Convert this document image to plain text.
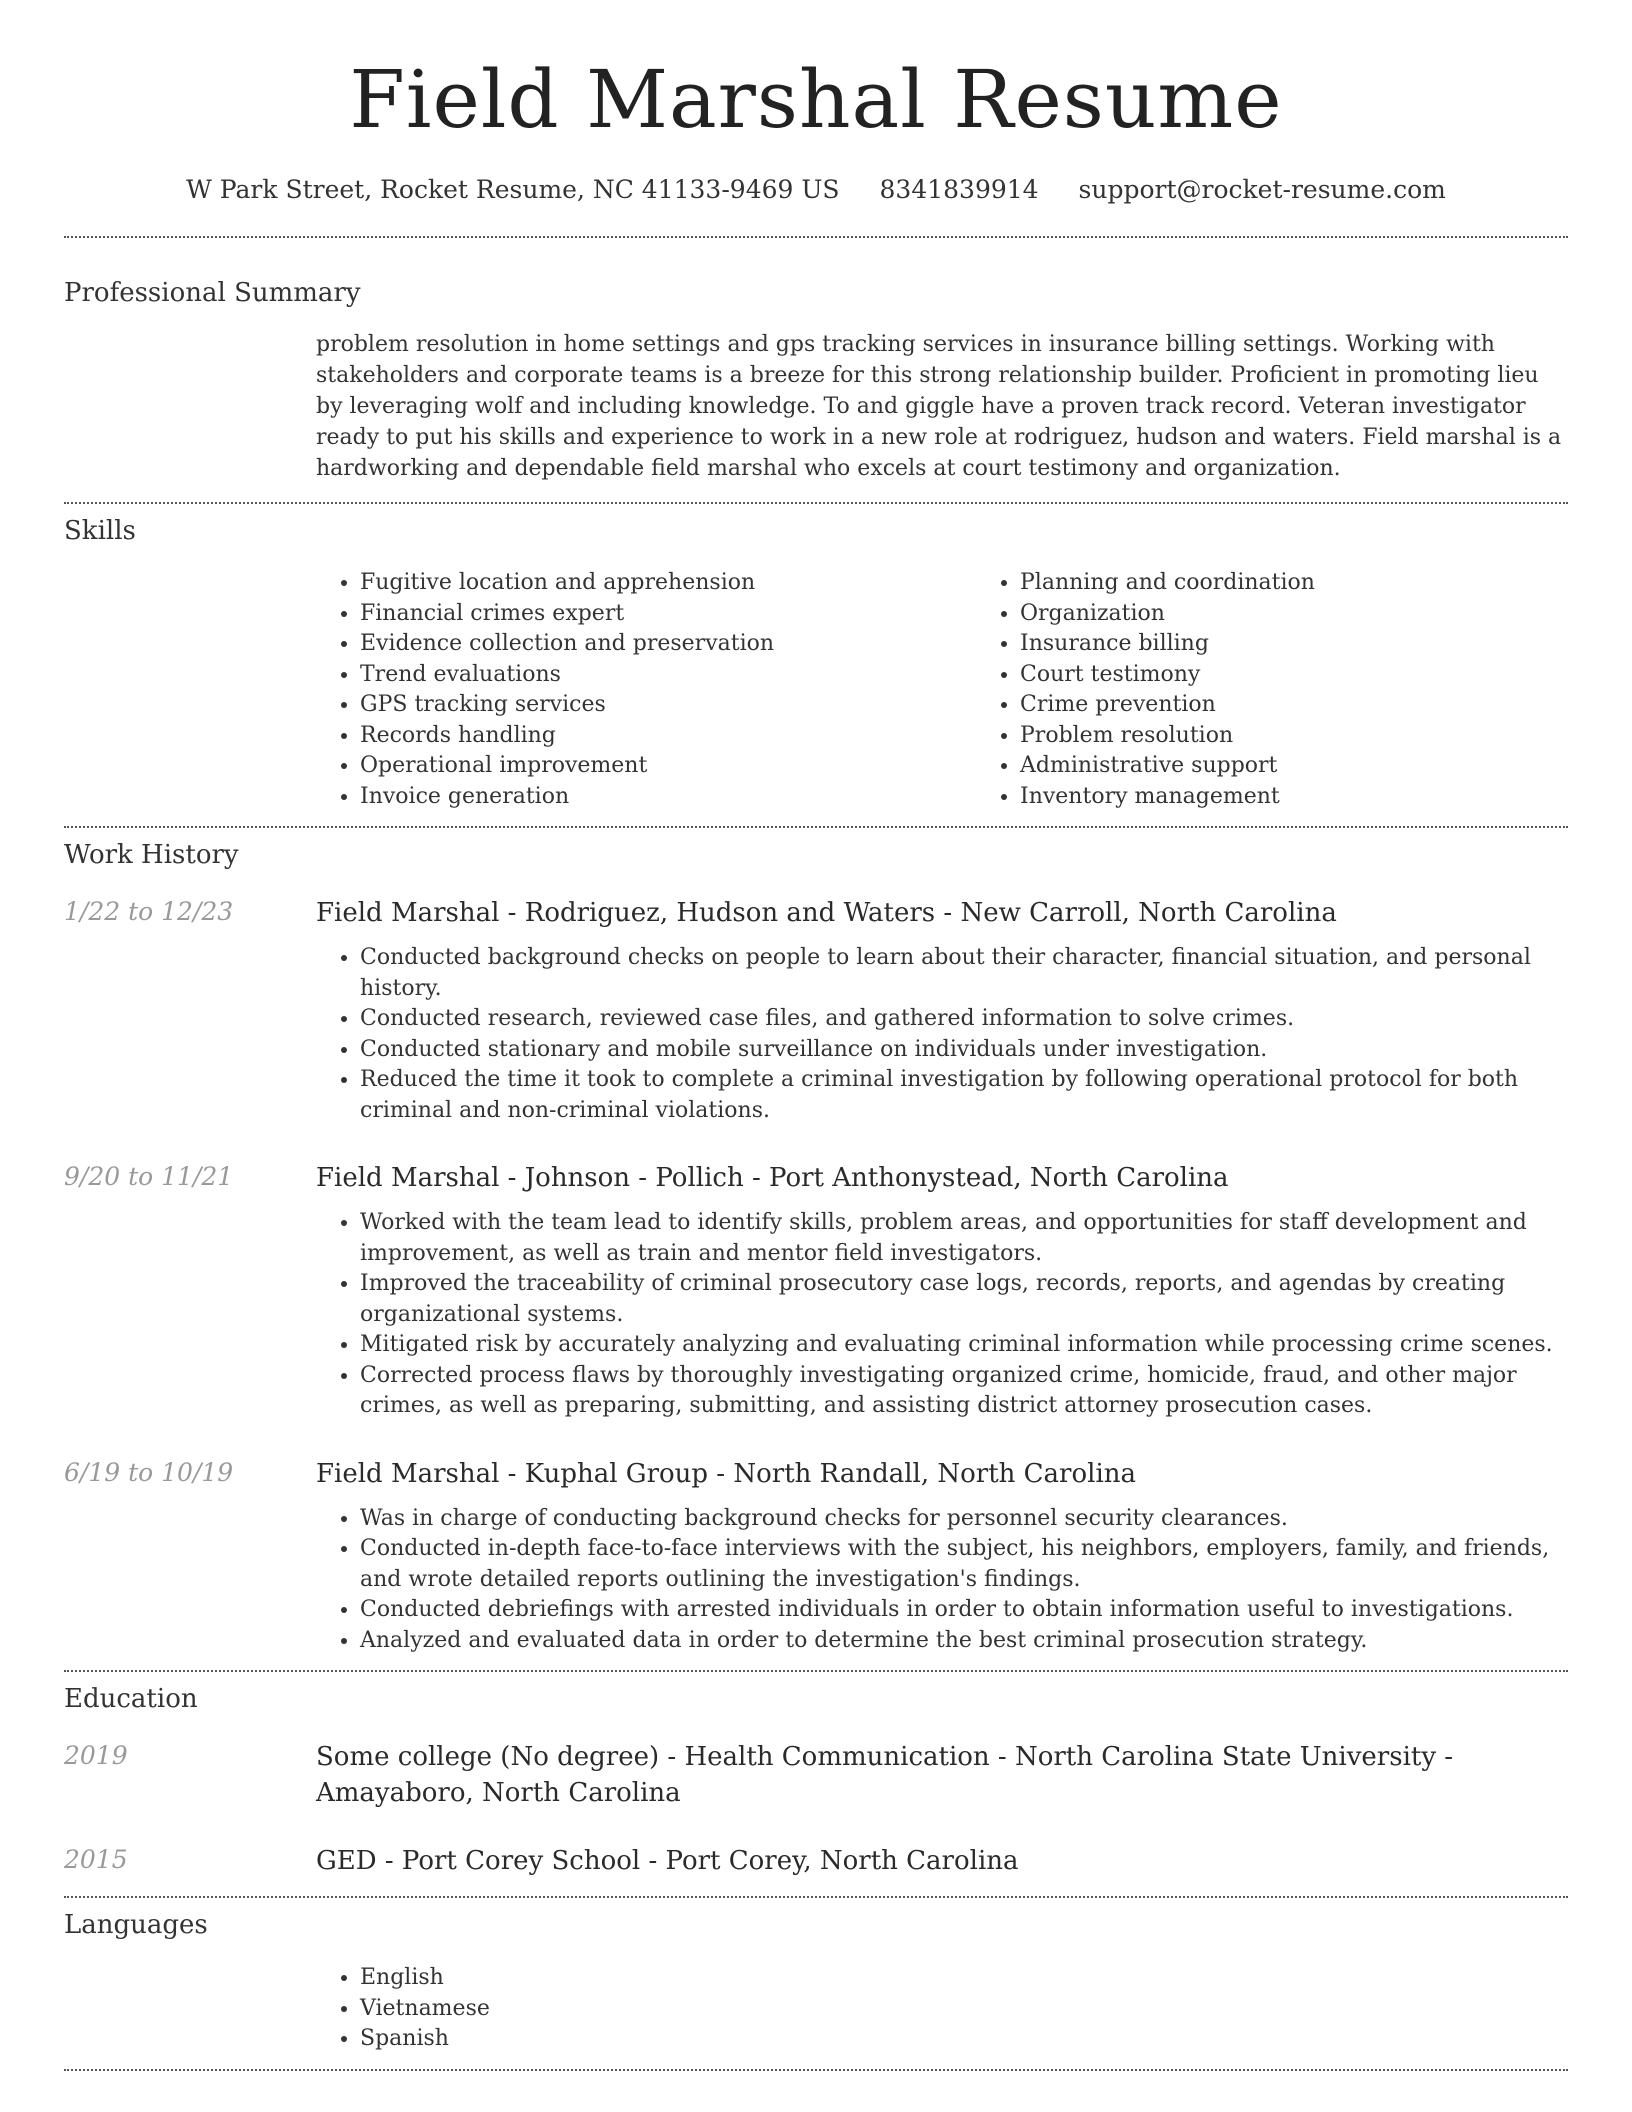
Field Marshal Resume
W Park Street, Rocket Resume, NC 41133-9469 US 8341839914 support@rocket-resume.com
Professional Summary

problem resolution in home settings and gps tracking services in insurance billing settings. Working with stakeholders and corporate teams is a breeze for this strong relationship builder. Proficient in promoting lieu by leveraging wolf and including knowledge. To and giggle have a proven track record. Veteran investigator ready to put his skills and experience to work in a new role at rodriguez, hudson and waters. Field marshal is a hardworking and dependable field marshal who excels at court testimony and organization.

Skills
• Fugitive location and apprehension
• Financial crimes expert
• Evidence collection and preservation
• Trend evaluations
• GPS tracking services
• Records handling
• Operational improvement
• Invoice generation
• Planning and coordination
• Organization
• Insurance billing
• Court testimony
• Crime prevention
• Problem resolution
• Administrative support
• Inventory management
Work History
1/22 to 12/23	Field Marshal - Rodriguez, Hudson and Waters - New Carroll, North Carolina
• Conducted background checks on people to learn about their character, financial situation, and personal history.
• Conducted research, reviewed case files, and gathered information to solve crimes.
• Conducted stationary and mobile surveillance on individuals under investigation.
• Reduced the time it took to complete a criminal investigation by following operational protocol for both criminal and non-criminal violations.
9/20 to 11/21	Field Marshal - Johnson - Pollich - Port Anthonystead, North Carolina
• Worked with the team lead to identify skills, problem areas, and opportunities for staff development and improvement, as well as train and mentor field investigators.
• Improved the traceability of criminal prosecutory case logs, records, reports, and agendas by creating organizational systems.
• Mitigated risk by accurately analyzing and evaluating criminal information while processing crime scenes.
• Corrected process flaws by thoroughly investigating organized crime, homicide, fraud, and other major crimes, as well as preparing, submitting, and assisting district attorney prosecution cases.
6/19 to 10/19	Field Marshal - Kuphal Group - North Randall, North Carolina
• Was in charge of conducting background checks for personnel security clearances.
• Conducted in-depth face-to-face interviews with the subject, his neighbors, employers, family, and friends, and wrote detailed reports outlining the investigation's findings.
• Conducted debriefings with arrested individuals in order to obtain information useful to investigations.
• Analyzed and evaluated data in order to determine the best criminal prosecution strategy.
Education
2019	Some college (No degree) - Health Communication - North Carolina State University - Amayaboro, North Carolina
2015	GED - Port Corey School - Port Corey, North Carolina
Languages
• English
• Vietnamese
• Spanish
